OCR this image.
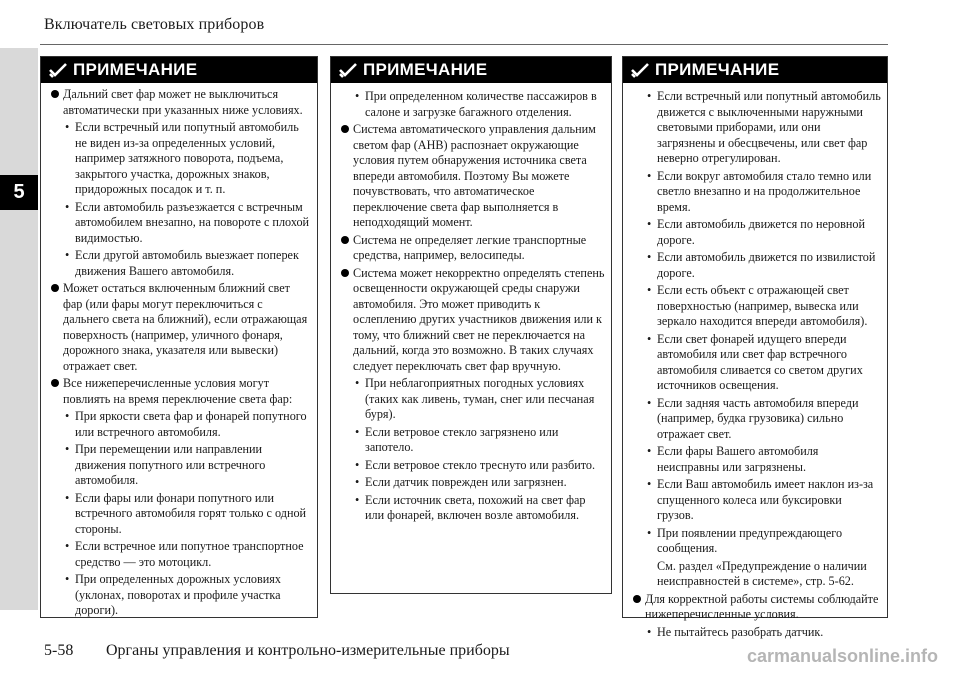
Включатель световых приборов
5
ПРИМЕЧАНИЕ
Дальний свет фар может не выключиться автоматически при указанных ниже условиях.
• Если встречный или попутный автомобиль не виден из-за определенных условий, например затяжного поворота, подъема, закрытого участка, дорожных знаков, придорожных посадок и т. п.
• Если автомобиль разъезжается с встречным автомобилем внезапно, на повороте с плохой видимостью.
• Если другой автомобиль выезжает поперек движения Вашего автомобиля.
Может остаться включенным ближний свет фар (или фары могут переключиться с дальнего света на ближний), если отражающая поверхность (например, уличного фонаря, дорожного знака, указателя или вывески) отражает свет.
Все нижеперечисленные условия могут повлиять на время переключение света фар:
• При яркости света фар и фонарей попутного или встречного автомобиля.
• При перемещении или направлении движения попутного или встречного автомобиля.
• Если фары или фонари попутного или встречного автомобиля горят только с одной стороны.
• Если встречное или попутное транспортное средство — это мотоцикл.
• При определенных дорожных условиях (уклонах, поворотах и профиле участка дороги).
ПРИМЕЧАНИЕ
• При определенном количестве пассажиров в салоне и загрузке багажного отделения.
Система автоматического управления дальним светом фар (AHB) распознает окружающие условия путем обнаружения источника света впереди автомобиля. Поэтому Вы можете почувствовать, что автоматическое переключение света фар выполняется в неподходящий момент.
Система не определяет легкие транспортные средства, например, велосипеды.
Система может некорректно определять степень освещенности окружающей среды снаружи автомобиля. Это может приводить к ослеплению других участников движения или к тому, что ближний свет не переключается на дальний, когда это возможно. В таких случаях следует переключать свет фар вручную.
• При неблагоприятных погодных условиях (таких как ливень, туман, снег или песчаная буря).
• Если ветровое стекло загрязнено или запотело.
• Если ветровое стекло треснуто или разбито.
• Если датчик поврежден или загрязнен.
• Если источник света, похожий на свет фар или фонарей, включен возле автомобиля.
ПРИМЕЧАНИЕ
• Если встречный или попутный автомобиль движется с выключенными наружными световыми приборами, или они загрязнены и обесцвечены, или свет фар неверно отрегулирован.
• Если вокруг автомобиля стало темно или светло внезапно и на продолжительное время.
• Если автомобиль движется по неровной дороге.
• Если автомобиль движется по извилистой дороге.
• Если есть объект с отражающей свет поверхностью (например, вывеска или зеркало находится впереди автомобиля).
• Если свет фонарей идущего впереди автомобиля или свет фар встречного автомобиля сливается со светом других источников освещения.
• Если задняя часть автомобиля впереди (например, будка грузовика) сильно отражает свет.
• Если фары Вашего автомобиля неисправны или загрязнены.
• Если Ваш автомобиль имеет наклон из-за спущенного колеса или буксировки грузов.
• При появлении предупреждающего сообщения.
См. раздел «Предупреждение о наличии неисправностей в системе», стр. 5-62.
Для корректной работы системы соблюдайте нижеперечисленные условия.
• Не пытайтесь разобрать датчик.
5-58 Органы управления и контрольно-измерительные приборы	carmanualsonline.info
